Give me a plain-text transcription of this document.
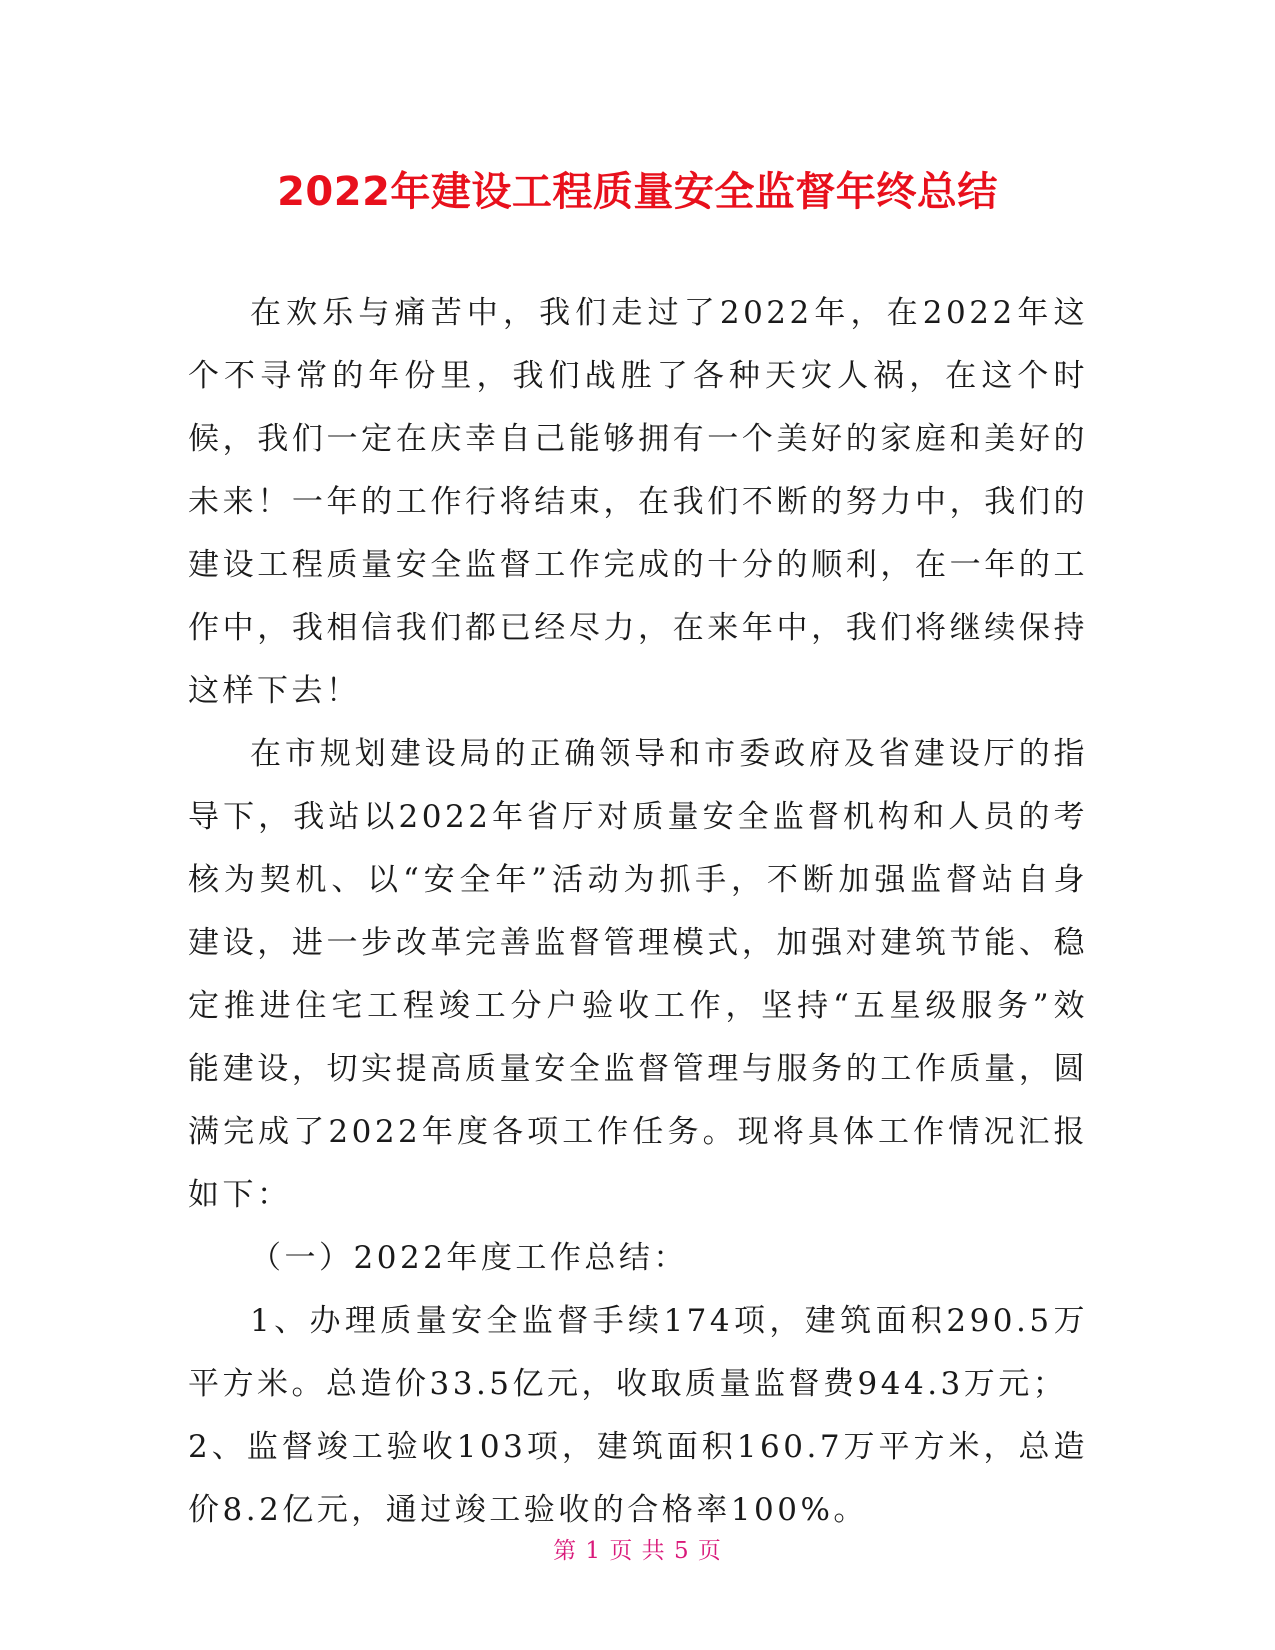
2022年建设工程质量安全监督年终总结

在欢乐与痛苦中，我们走过了2022年，在2022年这个不寻常的年份里，我们战胜了各种天灾人祸，在这个时候，我们一定在庆幸自己能够拥有一个美好的家庭和美好的未来！一年的工作行将结束，在我们不断的努力中，我们的建设工程质量安全监督工作完成的十分的顺利，在一年的工作中，我相信我们都已经尽力，在来年中，我们将继续保持这样下去！

在市规划建设局的正确领导和市委政府及省建设厅的指导下，我站以2022年省厅对质量安全监督机构和人员的考核为契机、以“安全年”活动为抓手，不断加强监督站自身建设，进一步改革完善监督管理模式，加强对建筑节能、稳定推进住宅工程竣工分户验收工作，坚持“五星级服务”效能建设，切实提高质量安全监督管理与服务的工作质量，圆满完成了2022年度各项工作任务。现将具体工作情况汇报如下：

（一）2022年度工作总结：

1、办理质量安全监督手续174项，建筑面积290.5万平方米。总造价33.5亿元，收取质量监督费944.3万元；

2、监督竣工验收103项，建筑面积160.7万平方米，总造价8.2亿元，通过竣工验收的合格率100%。

第 1 页 共 5 页
